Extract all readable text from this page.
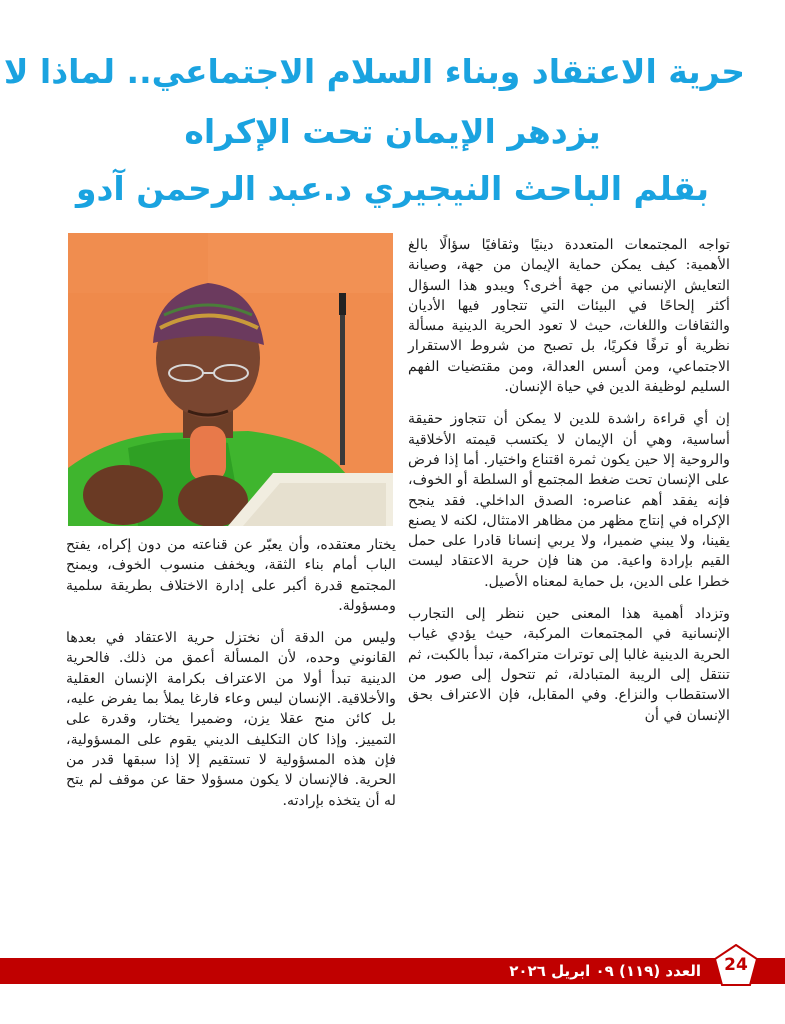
حرية الاعتقاد وبناء السلام الاجتماعي.. لماذا لا
يزدهر الإيمان تحت الإكراه
بقلم الباحث النيجيري د.عبد الرحمن آدو

تواجه المجتمعات المتعددة دينيًا وثقافيًا سؤالًا بالغ الأهمية: كيف يمكن حماية الإيمان من جهة، وصيانة التعايش الإنساني من جهة أخرى؟ ويبدو هذا السؤال أكثر إلحاحًا في البيئات التي تتجاور فيها الأديان والثقافات واللغات، حيث لا تعود الحرية الدينية مسألة نظرية أو ترفًا فكريًا، بل تصبح من شروط الاستقرار الاجتماعي، ومن أسس العدالة، ومن مقتضيات الفهم السليم لوظيفة الدين في حياة الإنسان.

إن أي قراءة راشدة للدين لا يمكن أن تتجاوز حقيقة أساسية، وهي أن الإيمان لا يكتسب قيمته الأخلاقية والروحية إلا حين يكون ثمرة اقتناع واختيار. أما إذا فرض على الإنسان تحت ضغط المجتمع أو السلطة أو الخوف، فإنه يفقد أهم عناصره: الصدق الداخلي. فقد ينجح الإكراه في إنتاج مظهر من مظاهر الامتثال، لكنه لا يصنع يقينا، ولا يبني ضميرا، ولا يربي إنسانا قادرا على حمل القيم بإرادة واعية. من هنا فإن حرية الاعتقاد ليست خطرا على الدين، بل حماية لمعناه الأصيل.

وتزداد أهمية هذا المعنى حين ننظر إلى التجارب الإنسانية في المجتمعات المركبة، حيث يؤدي غياب الحرية الدينية غالبا إلى توترات متراكمة، تبدأ بالكبت، ثم تنتقل إلى الريبة المتبادلة، ثم تتحول إلى صور من الاستقطاب والنزاع. وفي المقابل، فإن الاعتراف بحق الإنسان في أن

يختار معتقده، وأن يعبّر عن قناعته من دون إكراه، يفتح الباب أمام بناء الثقة، ويخفف منسوب الخوف، ويمنح المجتمع قدرة أكبر على إدارة الاختلاف بطريقة سلمية ومسؤولة.

وليس من الدقة أن نختزل حرية الاعتقاد في بعدها القانوني وحده، لأن المسألة أعمق من ذلك. فالحرية الدينية تبدأ أولا من الاعتراف بكرامة الإنسان العقلية والأخلاقية. الإنسان ليس وعاء فارغا يملأ بما يفرض عليه، بل كائن منح عقلا يزن، وضميرا يختار، وقدرة على التمييز. وإذا كان التكليف الديني يقوم على المسؤولية، فإن هذه المسؤولية لا تستقيم إلا إذا سبقها قدر من الحرية. فالإنسان لا يكون مسؤولا حقا عن موقف لم يتح له أن يتخذه بإرادته.

العدد (١١٩) ٠٩ ابريل ٢٠٢٦	24
